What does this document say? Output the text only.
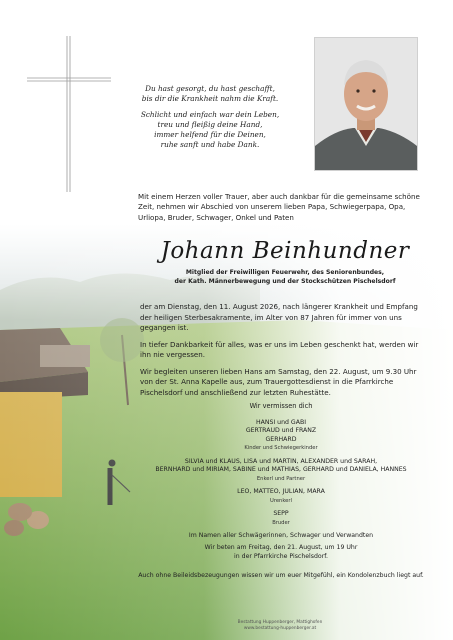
Du hast gesorgt, du hast geschafft,
bis dir die Krankheit nahm die Kraft.

Schlicht und einfach war dein Leben,
treu und fleißig deine Hand,
immer helfend für die Deinen,
ruhe sanft und habe Dank.

Mit einem Herzen voller Trauer, aber auch dankbar für die gemeinsame schöne Zeit, nehmen wir Abschied von unserem lieben Papa, Schwiegerpapa, Opa, Urliopa, Bruder, Schwager, Onkel und Paten
Johann Beinhundner
Mitglied der Freiwilligen Feuerwehr, des Seniorenbundes,
der Kath. Männerbewegung und der Stockschützen Pischelsdorf

der am Dienstag, den 11. August 2026, nach längerer Krankheit und Empfang der heiligen Sterbesakramente, im Alter von 87 Jahren für immer von uns gegangen ist.

In tiefer Dankbarkeit für alles, was er uns im Leben geschenkt hat, werden wir ihn nie vergessen.

Wir begleiten unseren lieben Hans am Samstag, den 22. August, um 9.30 Uhr von der St. Anna Kapelle aus, zum Trauergottesdienst in die Pfarrkirche Pischelsdorf und anschließend zur letzten Ruhestätte.

Wir vermissen dich
HANSI und GABI
GERTRAUD und FRANZ
GERHARD
Kinder und Schwiegerkinder
SILVIA und KLAUS, LISA und MARTIN, ALEXANDER und SARAH,
BERNHARD und MIRIAM, SABINE und MATHIAS, GERHARD und DANIELA, HANNES
Enkerl und Partner
LEO, MATTEO, JULIAN, MARA
Urenkerl
SEPP
Bruder
Im Namen aller Schwägerinnen, Schwager und Verwandten

Wir beten am Freitag, den 21. August, um 19 Uhr
in der Pfarrkirche Pischelsdorf.

Auch ohne Beileidsbezeugungen wissen wir um euer Mitgefühl, ein Kondolenzbuch liegt auf.

Bestattung Huppenberger, Mattighofen
www.bestattung-huppenberger.at
